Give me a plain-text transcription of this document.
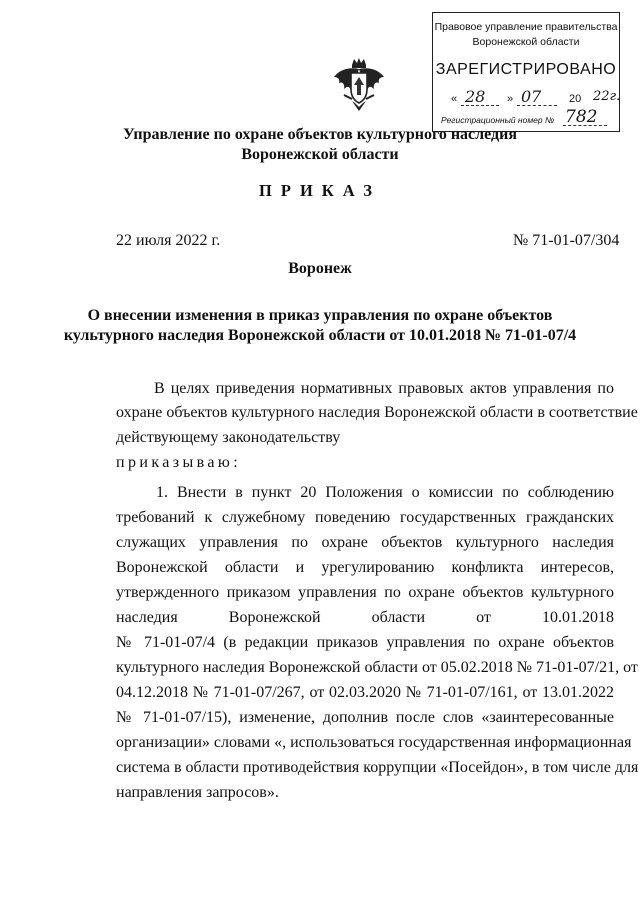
Правовое управление правительства
Воронежской области
ЗАРЕГИСТРИРОВАНО
« 28 » 07	20 22г.
Регистрационный номер № 782
Управление по охране объектов культурного наследия
Воронежской области
ПРИКАЗ
22 июля 2022 г.	№ 71-01-07/304
Воронеж
О внесении изменения в приказ управления по охране объектов
культурного наследия Воронежской области от 10.01.2018 № 71-01-07/4
В целях приведения нормативных правовых актов управления по
охране объектов культурного наследия Воронежской области в соответствие
действующему законодательству
приказываю:
1. Внести в пункт 20 Положения о комиссии по соблюдению
требований к служебному поведению государственных гражданских
служащих управления по охране объектов культурного наследия
Воронежской области и урегулированию конфликта интересов,
утвержденного приказом управления по охране объектов культурного
наследия Воронежской области от 10.01.2018
№ 71-01-07/4 (в редакции приказов управления по охране объектов
культурного наследия Воронежской области от 05.02.2018 № 71-01-07/21, от
04.12.2018 № 71-01-07/267, от 02.03.2020 № 71-01-07/161, от 13.01.2022
№ 71-01-07/15), изменение, дополнив после слов «заинтересованные
организации» словами «, использоваться государственная информационная
система в области противодействия коррупции «Посейдон», в том числе для
направления запросов».
